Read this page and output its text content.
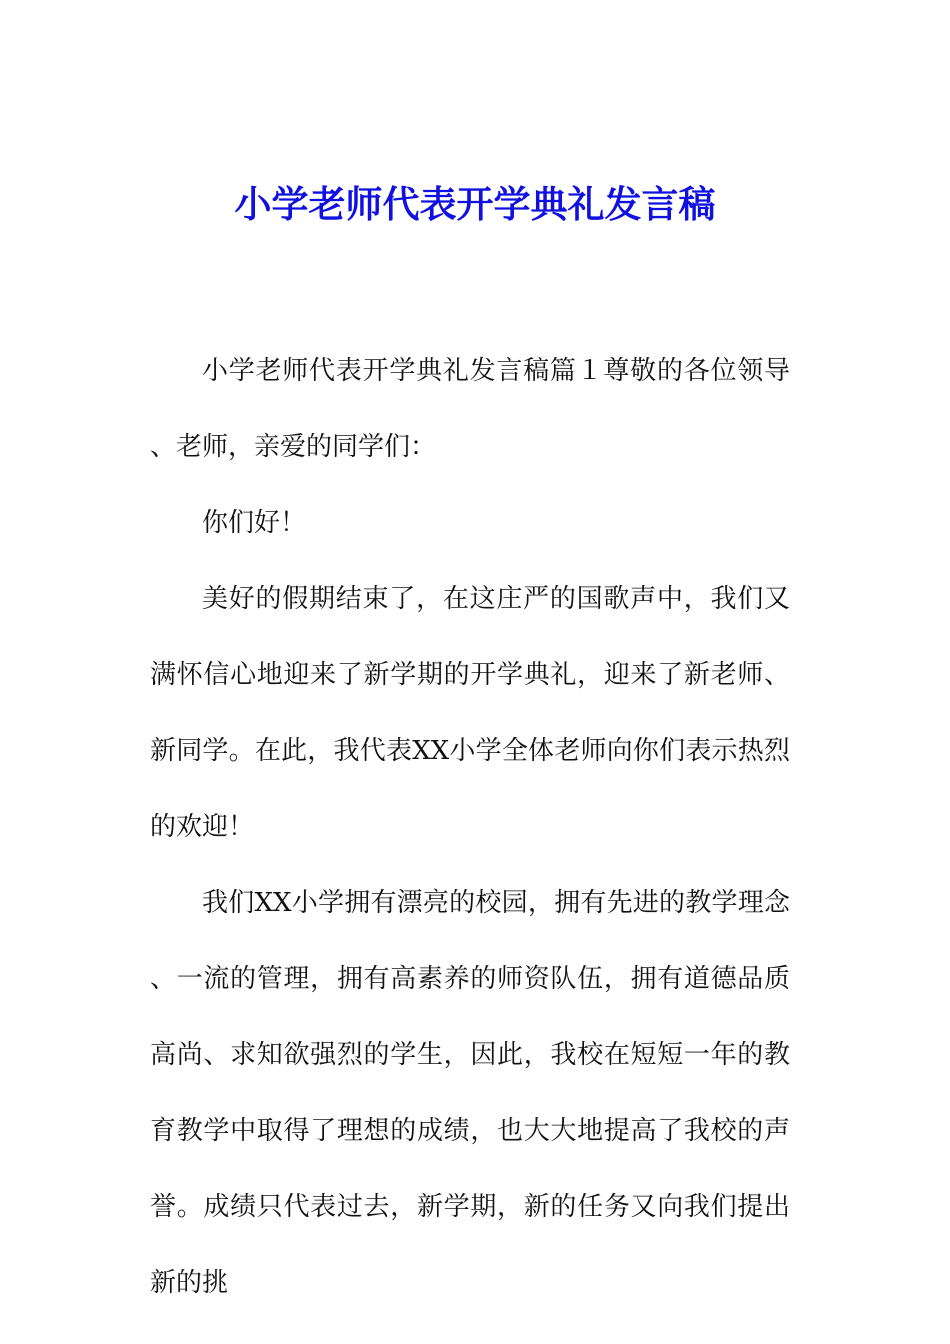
小学老师代表开学典礼发言稿

小学老师代表开学典礼发言稿篇１尊敬的各位领导、老师，亲爱的同学们：

你们好！

美好的假期结束了，在这庄严的国歌声中，我们又满怀信心地迎来了新学期的开学典礼，迎来了新老师、新同学。在此，我代表XX小学全体老师向你们表示热烈的欢迎！

我们XX小学拥有漂亮的校园，拥有先进的教学理念、一流的管理，拥有高素养的师资队伍，拥有道德品质高尚、求知欲强烈的学生，因此，我校在短短一年的教育教学中取得了理想的成绩，也大大地提高了我校的声誉。成绩只代表过去，新学期，新的任务又向我们提出新的挑
